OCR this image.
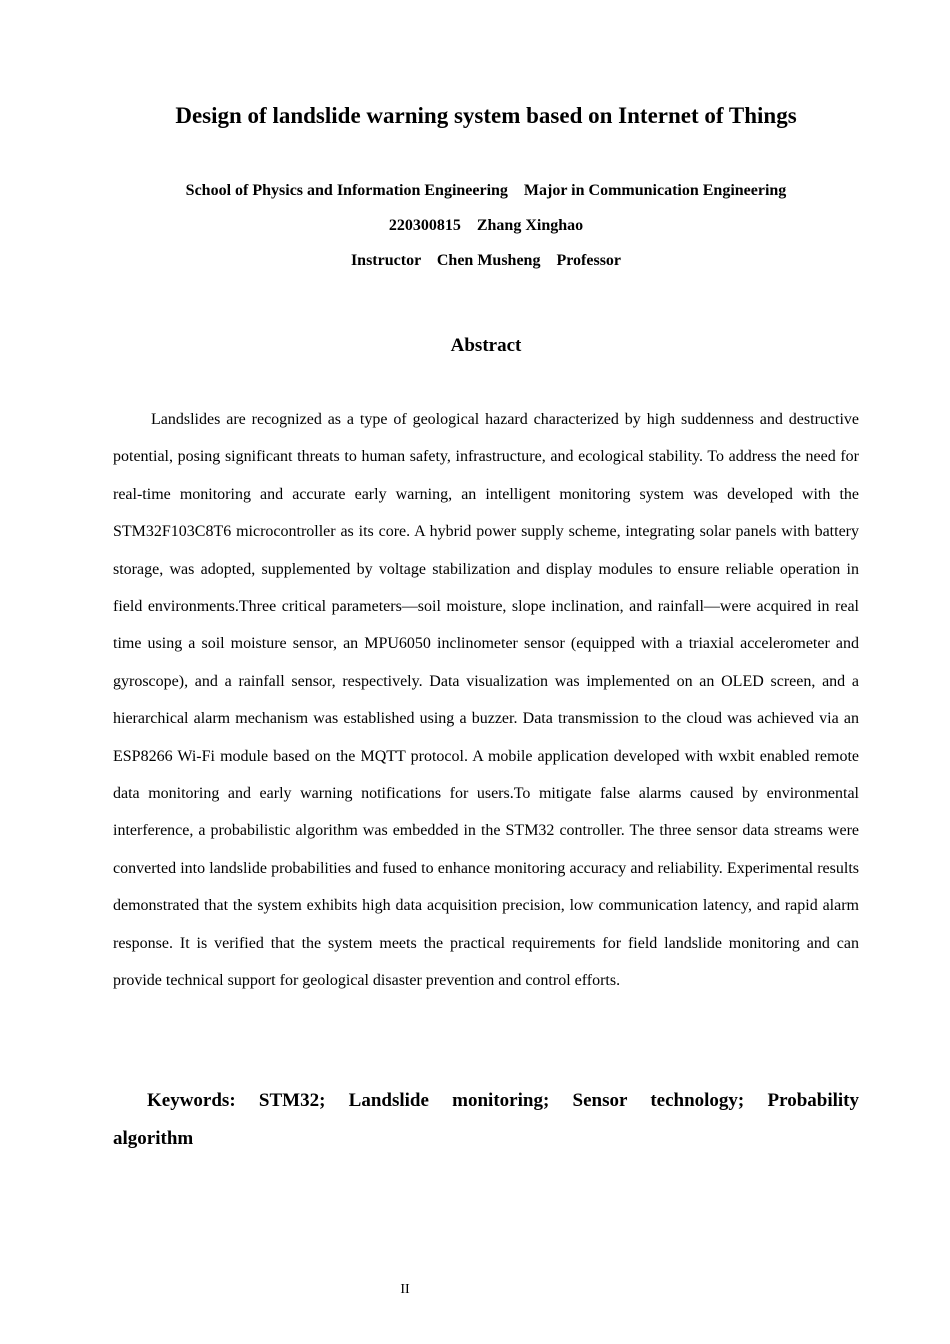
Design of landslide warning system based on Internet of Things
School of Physics and Information Engineering    Major in Communication Engineering
220300815    Zhang Xinghao
Instructor    Chen Musheng    Professor
Abstract

Landslides are recognized as a type of geological hazard characterized by high suddenness and destructive potential, posing significant threats to human safety, infrastructure, and ecological stability. To address the need for real-time monitoring and accurate early warning, an intelligent monitoring system was developed with the STM32F103C8T6 microcontroller as its core. A hybrid power supply scheme, integrating solar panels with battery storage, was adopted, supplemented by voltage stabilization and display modules to ensure reliable operation in field environments.Three critical parameters—soil moisture, slope inclination, and rainfall—were acquired in real time using a soil moisture sensor, an MPU6050 inclinometer sensor (equipped with a triaxial accelerometer and gyroscope), and a rainfall sensor, respectively. Data visualization was implemented on an OLED screen, and a hierarchical alarm mechanism was established using a buzzer. Data transmission to the cloud was achieved via an ESP8266 Wi-Fi module based on the MQTT protocol. A mobile application developed with wxbit enabled remote data monitoring and early warning notifications for users.To mitigate false alarms caused by environmental interference, a probabilistic algorithm was embedded in the STM32 controller. The three sensor data streams were converted into landslide probabilities and fused to enhance monitoring accuracy and reliability. Experimental results demonstrated that the system exhibits high data acquisition precision, low communication latency, and rapid alarm response. It is verified that the system meets the practical requirements for field landslide monitoring and can provide technical support for geological disaster prevention and control efforts.

Keywords: STM32; Landslide monitoring; Sensor technology; Probability algorithm

II
